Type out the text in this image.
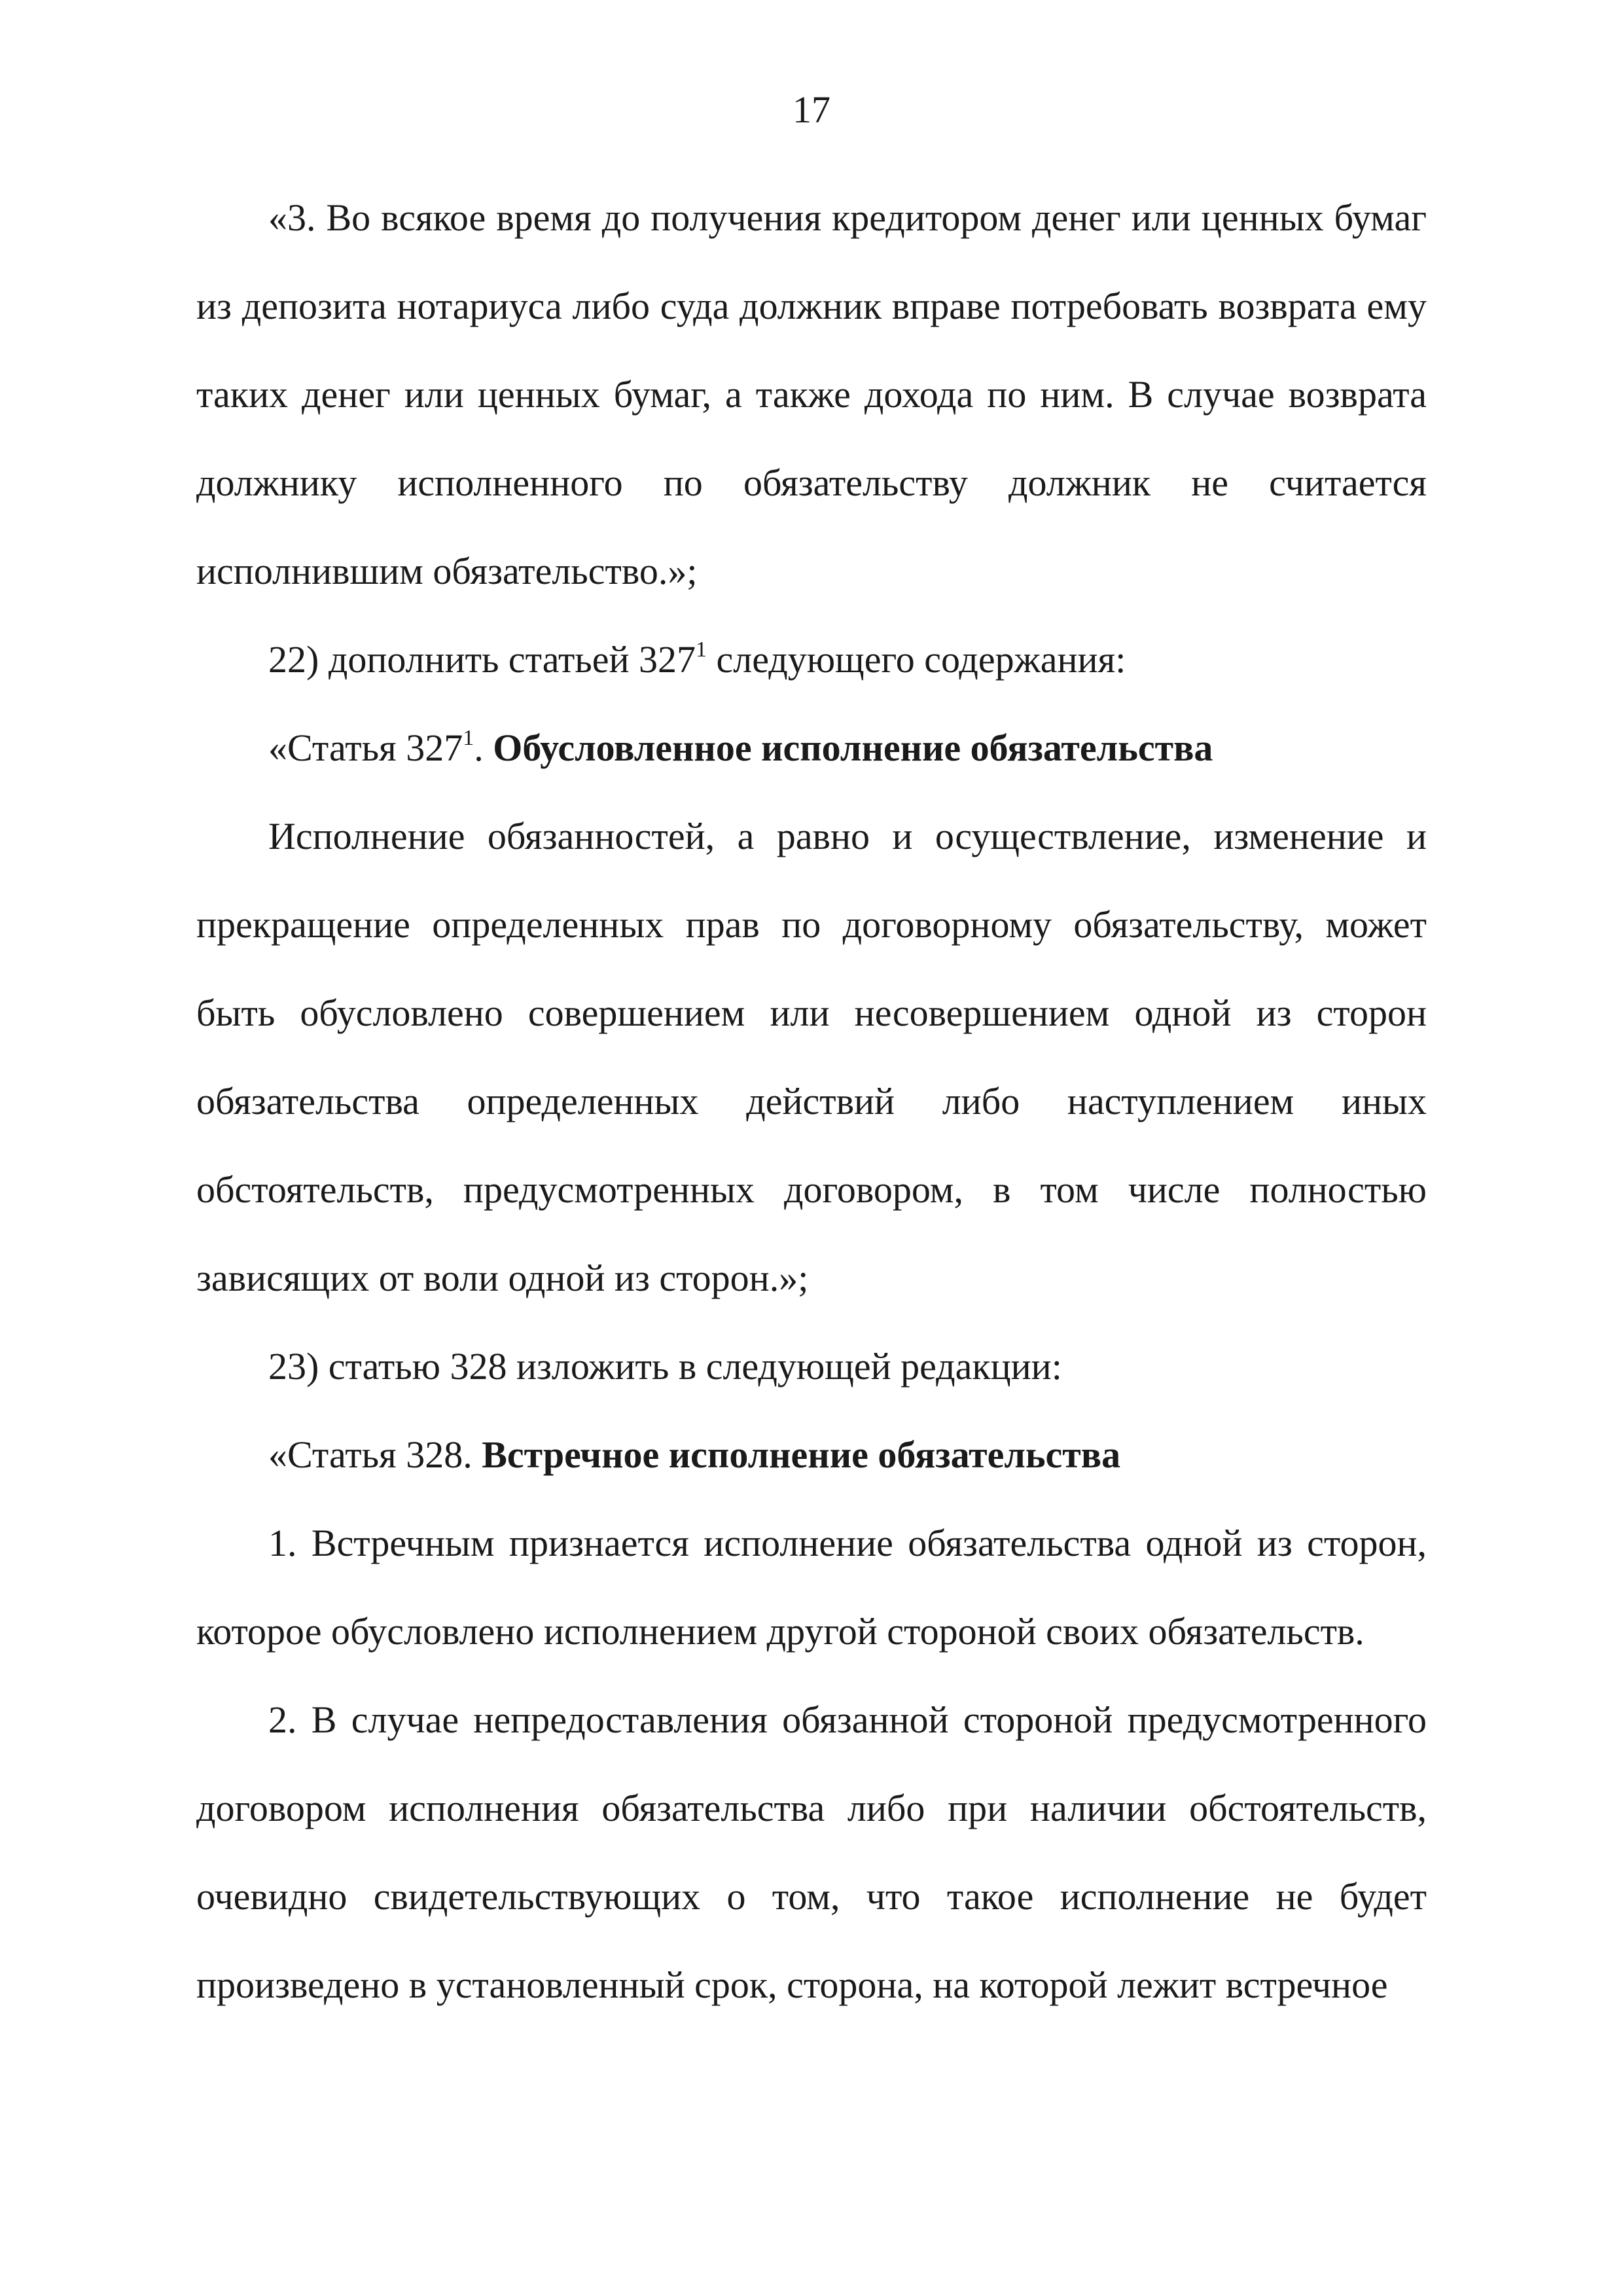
17

«3. Во всякое время до получения кредитором денег или ценных бумаг из депозита нотариуса либо суда должник вправе потребовать возврата ему таких денег или ценных бумаг, а также дохода по ним. В случае возврата должнику исполненного по обязательству должник не считается исполнившим обязательство.»;

22) дополнить статьей $327^1$ следующего содержания:

«Статья $327^1$. Обусловленное исполнение обязательства

Исполнение обязанностей, а равно и осуществление, изменение и прекращение определенных прав по договорному обязательству, может быть обусловлено совершением или несовершением одной из сторон обязательства определенных действий либо наступлением иных обстоятельств, предусмотренных договором, в том числе полностью зависящих от воли одной из сторон.»;

23) статью 328 изложить в следующей редакции:

«Статья 328. Встречное исполнение обязательства

1. Встречным признается исполнение обязательства одной из сторон, которое обусловлено исполнением другой стороной своих обязательств.

2. В случае непредоставления обязанной стороной предусмотренного договором исполнения обязательства либо при наличии обстоятельств, очевидно свидетельствующих о том, что такое исполнение не будет произведено в установленный срок, сторона, на которой лежит встречное
